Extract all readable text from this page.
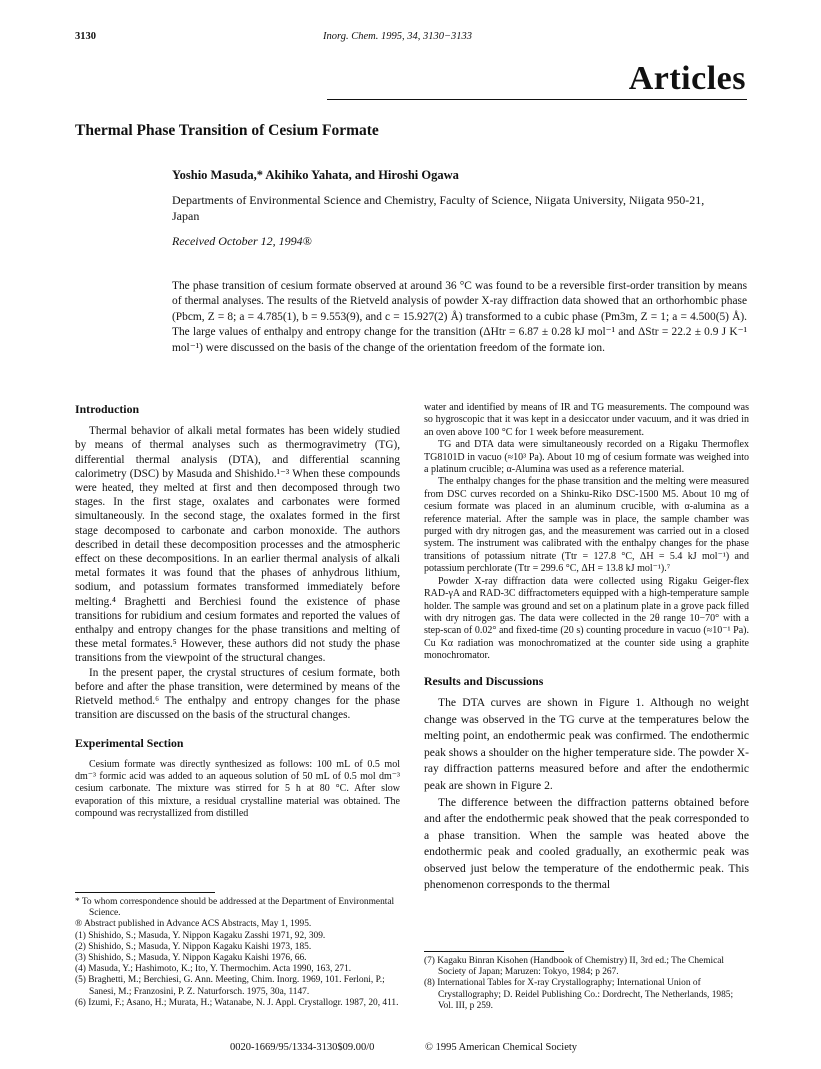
3130	Inorg. Chem. 1995, 34, 3130−3133
Articles
Thermal Phase Transition of Cesium Formate
Yoshio Masuda,* Akihiko Yahata, and Hiroshi Ogawa
Departments of Environmental Science and Chemistry, Faculty of Science, Niigata University, Niigata 950-21, Japan
Received October 12, 1994®
The phase transition of cesium formate observed at around 36 °C was found to be a reversible first-order transition by means of thermal analyses. The results of the Rietveld analysis of powder X-ray diffraction data showed that an orthorhombic phase (Pbcm, Z = 8; a = 4.785(1), b = 9.553(9), and c = 15.927(2) Å) transformed to a cubic phase (Pm3m, Z = 1; a = 4.500(5) Å). The large values of enthalpy and entropy change for the transition (ΔHtr = 6.87 ± 0.28 kJ mol⁻¹ and ΔStr = 22.2 ± 0.9 J K⁻¹ mol⁻¹) were discussed on the basis of the change of the orientation freedom of the formate ion.
Introduction

Thermal behavior of alkali metal formates has been widely studied by means of thermal analyses such as thermogravimetry (TG), differential thermal analysis (DTA), and differential scanning calorimetry (DSC) by Masuda and Shishido.¹⁻³ When these compounds were heated, they melted at first and then decomposed through two stages. In the first stage, oxalates and carbonates were formed simultaneously. In the second stage, the oxalates formed in the first stage decomposed to carbonate and carbon monoxide. The authors described in detail these decomposition processes and the atmospheric effect on these decompositions. In an earlier thermal analysis of alkali metal formates it was found that the phases of anhydrous lithium, sodium, and potassium formates transformed immediately before melting.⁴ Braghetti and Berchiesi found the existence of phase transitions for rubidium and cesium formates and reported the values of enthalpy and entropy changes for the phase transitions and melting of these metal formates.⁵ However, these authors did not study the phase transitions from the viewpoint of the structural changes.

In the present paper, the crystal structures of cesium formate, both before and after the phase transition, were determined by means of the Rietveld method.⁶ The enthalpy and entropy changes for the phase transition are discussed on the basis of the structural changes.

Experimental Section

Cesium formate was directly synthesized as follows: 100 mL of 0.5 mol dm⁻³ formic acid was added to an aqueous solution of 50 mL of 0.5 mol dm⁻³ cesium carbonate. The mixture was stirred for 5 h at 80 °C. After slow evaporation of this mixture, a residual crystalline material was obtained. The compound was recrystallized from distilled

* To whom correspondence should be addressed at the Department of Environmental Science.
® Abstract published in Advance ACS Abstracts, May 1, 1995.
(1) Shishido, S.; Masuda, Y. Nippon Kagaku Zasshi 1971, 92, 309.
(2) Shishido, S.; Masuda, Y. Nippon Kagaku Kaishi 1973, 185.
(3) Shishido, S.; Masuda, Y. Nippon Kagaku Kaishi 1976, 66.
(4) Masuda, Y.; Hashimoto, K.; Ito, Y. Thermochim. Acta 1990, 163, 271.
(5) Braghetti, M.; Berchiesi, G. Ann. Meeting, Chim. Inorg. 1969, 101. Ferloni, P.; Sanesi, M.; Franzosini, P. Z. Naturforsch. 1975, 30a, 1147.
(6) Izumi, F.; Asano, H.; Murata, H.; Watanabe, N. J. Appl. Crystallogr. 1987, 20, 411.

water and identified by means of IR and TG measurements. The compound was so hygroscopic that it was kept in a desiccator under vacuum, and it was dried in an oven above 100 °C for 1 week before measurement.

TG and DTA data were simultaneously recorded on a Rigaku Thermoflex TG8101D in vacuo (≈10³ Pa). About 10 mg of cesium formate was weighed into a platinum crucible; α-Alumina was used as a reference material.

The enthalpy changes for the phase transition and the melting were measured from DSC curves recorded on a Shinku-Riko DSC-1500 M5. About 10 mg of cesium formate was placed in an aluminum crucible, with α-alumina as a reference material. After the sample was in place, the sample chamber was purged with dry nitrogen gas, and the measurement was carried out in a closed system. The instrument was calibrated with the enthalpy changes for the phase transitions of potassium nitrate (Ttr = 127.8 °C, ΔH = 5.4 kJ mol⁻¹) and potassium perchlorate (Ttr = 299.6 °C, ΔH = 13.8 kJ mol⁻¹).⁷

Powder X-ray diffraction data were collected using Rigaku Geiger-flex RAD-γA and RAD-3C diffractometers equipped with a high-temperature sample holder. The sample was ground and set on a platinum plate in a grove pack filled with dry nitrogen gas. The data were collected in the 2θ range 10−70° with a step-scan of 0.02° and fixed-time (20 s) counting procedure in vacuo (≈10⁻¹ Pa). Cu Kα radiation was monochromatized at the counter side using a graphite monochromator.

Results and Discussions

The DTA curves are shown in Figure 1. Although no weight change was observed in the TG curve at the temperatures below the melting point, an endothermic peak was confirmed. The endothermic peak shows a shoulder on the higher temperature side. The powder X-ray diffraction patterns measured before and after the endothermic peak are shown in Figure 2.

The difference between the diffraction patterns obtained before and after the endothermic peak showed that the peak corresponded to a phase transition. When the sample was heated above the endothermic peak and cooled gradually, an exothermic peak was observed just below the temperature of the endothermic peak. This phenomenon corresponds to the thermal

(7) Kagaku Binran Kisohen (Handbook of Chemistry) II, 3rd ed.; The Chemical Society of Japan; Maruzen: Tokyo, 1984; p 267.
(8) International Tables for X-ray Crystallography; International Union of Crystallography; D. Reidel Publishing Co.: Dordrecht, The Netherlands, 1985; Vol. III, p 259.
0020-1669/95/1334-3130$09.00/0	© 1995 American Chemical Society
